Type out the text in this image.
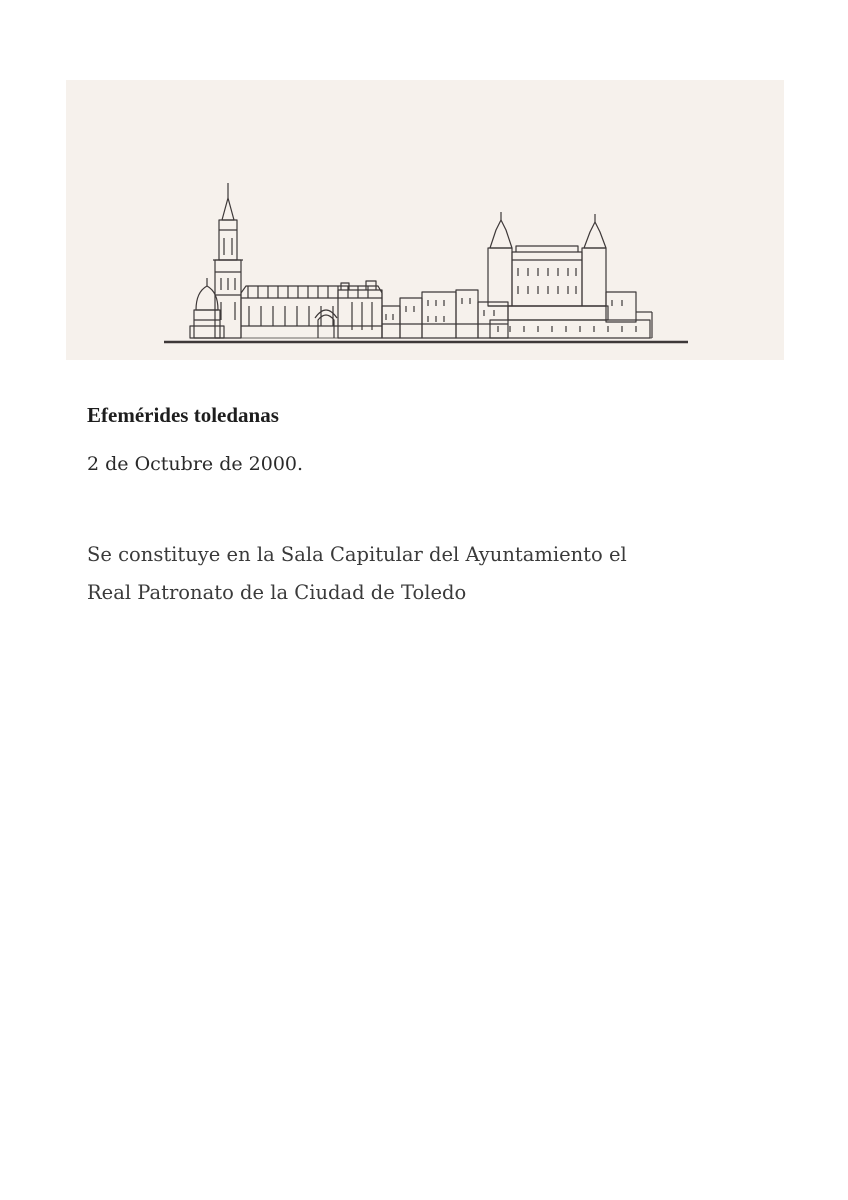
Efemérides toledanas
2 de Octubre de 2000.

Se constituye en la Sala Capitular del Ayuntamiento el

Real Patronato de la Ciudad de Toledo
